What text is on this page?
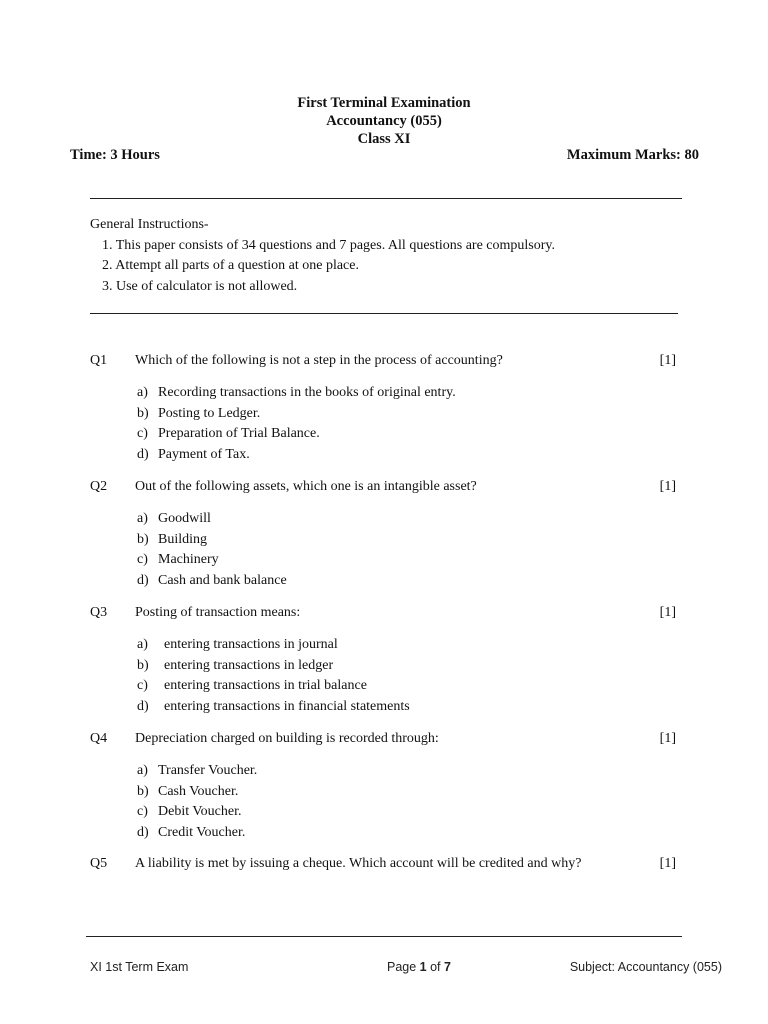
First Terminal Examination
Accountancy (055)
Class XI
Time: 3 Hours	Maximum Marks: 80
General Instructions-
1. This paper consists of 34 questions and 7 pages. All questions are compulsory.
2. Attempt all parts of a question at one place.
3. Use of calculator is not allowed.
Q1 Which of the following is not a step in the process of accounting?	[1]
a) Recording transactions in the books of original entry.
b) Posting to Ledger.
c) Preparation of Trial Balance.
d) Payment of Tax.
Q2 Out of the following assets, which one is an intangible asset?	[1]
a) Goodwill
b) Building
c) Machinery
d) Cash and bank balance
Q3 Posting of transaction means:	[1]
a) entering transactions in journal
b) entering transactions in ledger
c) entering transactions in trial balance
d) entering transactions in financial statements
Q4 Depreciation charged on building is recorded through:	[1]
a) Transfer Voucher.
b) Cash Voucher.
c) Debit Voucher.
d) Credit Voucher.
Q5 A liability is met by issuing a cheque. Which account will be credited and why?	[1]
XI 1st Term Exam	Page 1 of 7	Subject: Accountancy (055)
